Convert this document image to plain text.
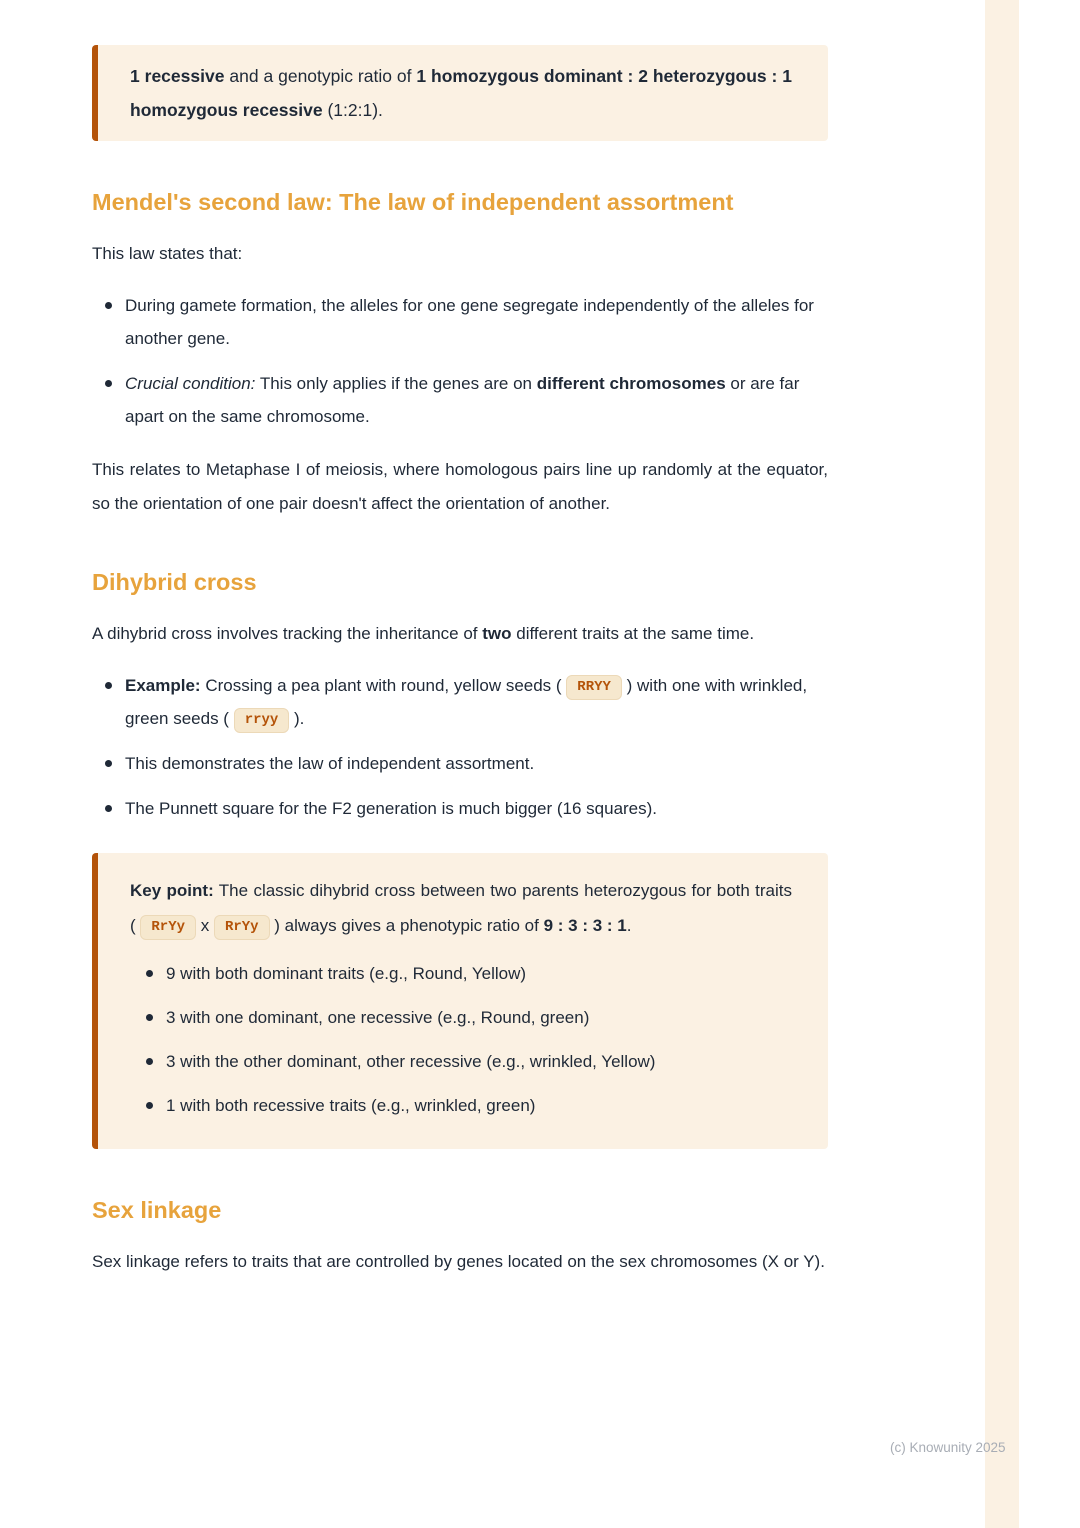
1 recessive and a genotypic ratio of 1 homozygous dominant : 2 heterozygous : 1 homozygous recessive (1:2:1).

Mendel's second law: The law of independent assortment

This law states that:

During gamete formation, the alleles for one gene segregate independently of the alleles for another gene.
Crucial condition: This only applies if the genes are on different chromosomes or are far apart on the same chromosome.

This relates to Metaphase I of meiosis, where homologous pairs line up randomly at the equator, so the orientation of one pair doesn't affect the orientation of another.

Dihybrid cross

A dihybrid cross involves tracking the inheritance of two different traits at the same time.

Example: Crossing a pea plant with round, yellow seeds ( RRYY ) with one with wrinkled, green seeds ( rryy ).
This demonstrates the law of independent assortment.
The Punnett square for the F2 generation is much bigger (16 squares).

Key point: The classic dihybrid cross between two parents heterozygous for both traits ( RrYy x RrYy ) always gives a phenotypic ratio of 9 : 3 : 3 : 1.

9 with both dominant traits (e.g., Round, Yellow)
3 with one dominant, one recessive (e.g., Round, green)
3 with the other dominant, other recessive (e.g., wrinkled, Yellow)
1 with both recessive traits (e.g., wrinkled, green)
Sex linkage

Sex linkage refers to traits that are controlled by genes located on the sex chromosomes (X or Y).

(c) Knowunity 2025
